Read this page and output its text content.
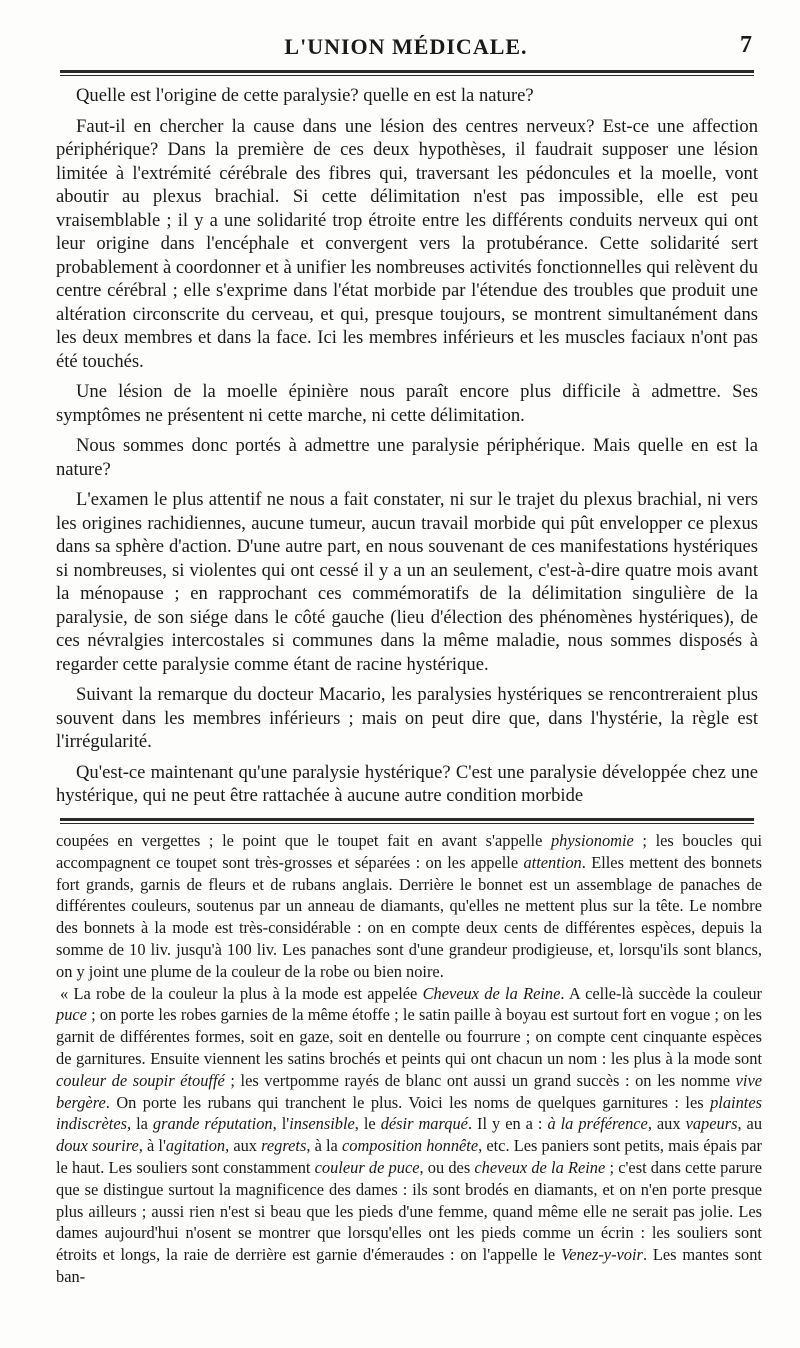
L'UNION MÉDICALE.	7

Quelle est l'origine de cette paralysie? quelle en est la nature?

Faut-il en chercher la cause dans une lésion des centres nerveux? Est-ce une affection périphérique? Dans la première de ces deux hypothèses, il faudrait supposer une lésion limitée à l'extrémité cérébrale des fibres qui, traversant les pédoncules et la moelle, vont aboutir au plexus brachial. Si cette délimitation n'est pas impossible, elle est peu vraisemblable ; il y a une solidarité trop étroite entre les différents conduits nerveux qui ont leur origine dans l'encéphale et convergent vers la protubérance. Cette solidarité sert probablement à coordonner et à unifier les nombreuses activités fonctionnelles qui relèvent du centre cérébral ; elle s'exprime dans l'état morbide par l'étendue des troubles que produit une altération circonscrite du cerveau, et qui, presque toujours, se montrent simultanément dans les deux membres et dans la face. Ici les membres inférieurs et les muscles faciaux n'ont pas été touchés.

Une lésion de la moelle épinière nous paraît encore plus difficile à admettre. Ses symptômes ne présentent ni cette marche, ni cette délimitation.

Nous sommes donc portés à admettre une paralysie périphérique. Mais quelle en est la nature?

L'examen le plus attentif ne nous a fait constater, ni sur le trajet du plexus brachial, ni vers les origines rachidiennes, aucune tumeur, aucun travail morbide qui pût envelopper ce plexus dans sa sphère d'action. D'une autre part, en nous souvenant de ces manifestations hystériques si nombreuses, si violentes qui ont cessé il y a un an seulement, c'est-à-dire quatre mois avant la ménopause ; en rapprochant ces commémoratifs de la délimitation singulière de la paralysie, de son siége dans le côté gauche (lieu d'élection des phénomènes hystériques), de ces névralgies intercostales si communes dans la même maladie, nous sommes disposés à regarder cette paralysie comme étant de racine hystérique.

Suivant la remarque du docteur Macario, les paralysies hystériques se rencontreraient plus souvent dans les membres inférieurs ; mais on peut dire que, dans l'hystérie, la règle est l'irrégularité.

Qu'est-ce maintenant qu'une paralysie hystérique? C'est une paralysie développée chez une hystérique, qui ne peut être rattachée à aucune autre condition morbide

coupées en vergettes ; le point que le toupet fait en avant s'appelle physionomie ; les boucles qui accompagnent ce toupet sont très-grosses et séparées : on les appelle attention. Elles mettent des bonnets fort grands, garnis de fleurs et de rubans anglais. Derrière le bonnet est un assemblage de panaches de différentes couleurs, soutenus par un anneau de diamants, qu'elles ne mettent plus sur la tête. Le nombre des bonnets à la mode est très-considérable : on en compte deux cents de différentes espèces, depuis la somme de 10 liv. jusqu'à 100 liv. Les panaches sont d'une grandeur prodigieuse, et, lorsqu'ils sont blancs, on y joint une plume de la couleur de la robe ou bien noire.

« La robe de la couleur la plus à la mode est appelée Cheveux de la Reine. A celle-là succède la couleur puce ; on porte les robes garnies de la même étoffe ; le satin paille à boyau est surtout fort en vogue ; on les garnit de différentes formes, soit en gaze, soit en dentelle ou fourrure ; on compte cent cinquante espèces de garnitures. Ensuite viennent les satins brochés et peints qui ont chacun un nom : les plus à la mode sont couleur de soupir étouffé ; les vertpomme rayés de blanc ont aussi un grand succès : on les nomme vive bergère. On porte les rubans qui tranchent le plus. Voici les noms de quelques garnitures : les plaintes indiscrètes, la grande réputation, l'insensible, le désir marqué. Il y en a : à la préférence, aux vapeurs, au doux sourire, à l'agitation, aux regrets, à la composition honnête, etc. Les paniers sont petits, mais épais par le haut. Les souliers sont constamment couleur de puce, ou des cheveux de la Reine ; c'est dans cette parure que se distingue surtout la magnificence des dames : ils sont brodés en diamants, et on n'en porte presque plus ailleurs ; aussi rien n'est si beau que les pieds d'une femme, quand même elle ne serait pas jolie. Les dames aujourd'hui n'osent se montrer que lorsqu'elles ont les pieds comme un écrin : les souliers sont étroits et longs, la raie de derrière est garnie d'émeraudes : on l'appelle le Venez-y-voir. Les mantes sont ban-
